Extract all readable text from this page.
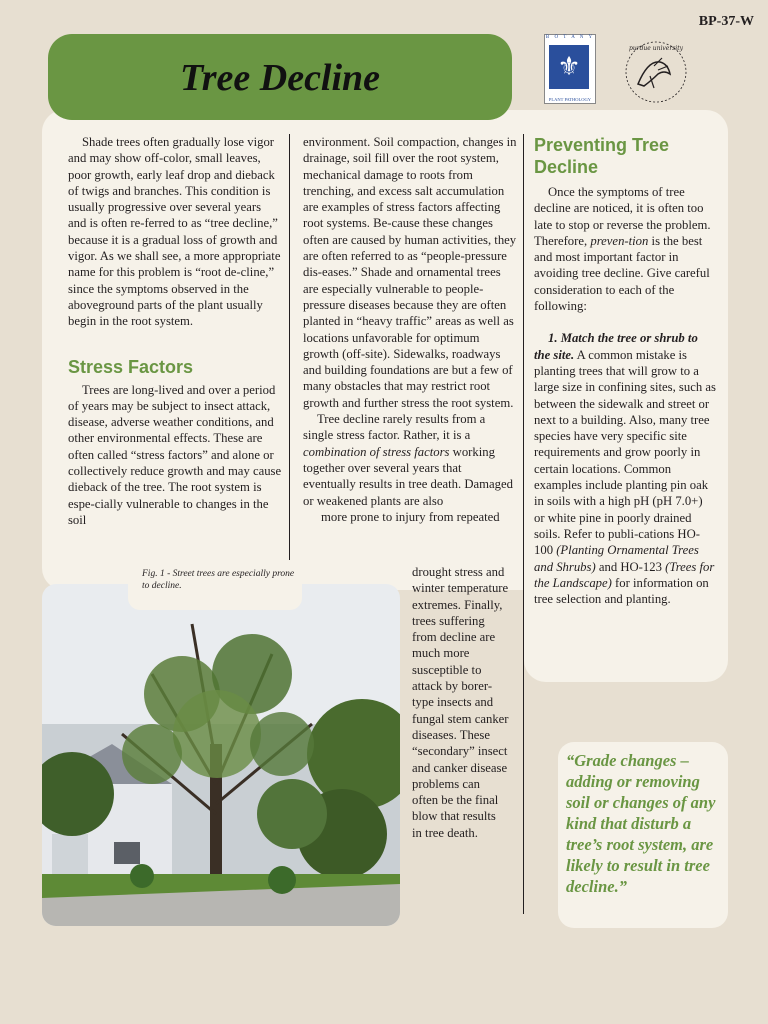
BP-37-W
Tree Decline
B O T A N Y
⚜
PLANT PATHOLOGY
purdue university

Shade trees often gradually lose vigor and may show off-color, small leaves, poor growth, early leaf drop and dieback of twigs and branches. This condition is usually progressive over several years and is often re-ferred to as “tree decline,” because it is a gradual loss of growth and vigor. As we shall see, a more appropriate name for this problem is “root de-cline,” since the symptoms observed in the aboveground parts of the plant usually begin in the root system.

Stress Factors

Trees are long-lived and over a period of years may be subject to insect attack, disease, adverse weather conditions, and other environmental effects. These are often called “stress factors” and alone or collectively reduce growth and may cause dieback of the tree. The root system is espe-cially vulnerable to changes in the soil

environment. Soil compaction, changes in drainage, soil fill over the root system, mechanical damage to roots from trenching, and excess salt accumulation are examples of stress factors affecting root systems. Be-cause these changes often are caused by human activities, they are often referred to as “people-pressure dis-eases.” Shade and ornamental trees are especially vulnerable to people-pressure diseases because they are often planted in “heavy traffic” areas as well as locations unfavorable for optimum growth (off-site). Sidewalks, roadways and building foundations are but a few of many obstacles that may restrict root growth and further stress the root system.

Tree decline rarely results from a single stress factor. Rather, it is a combination of stress factors working together over several years that eventually results in tree death. Damaged or weakened plants are also

more prone to injury from repeated

Fig. 1 - Street trees are especially prone to decline.
drought stress and
winter temperature
extremes. Finally,
trees suffering
from decline are
much more
susceptible to
attack by borer-
type insects and
fungal stem canker
diseases. These
“secondary” insect
and canker disease
problems can
often be the final
blow that results
in tree death.
Preventing Tree Decline

Once the symptoms of tree decline are noticed, it is often too late to stop or reverse the problem. Therefore, preven-tion is the best and most important factor in avoiding tree decline. Give careful consideration to each of the following:

1. Match the tree or shrub to the site. A common mistake is planting trees that will grow to a large size in confining sites, such as between the sidewalk and street or next to a building. Also, many tree species have very specific site requirements and grow poorly in certain locations. Common examples include planting pin oak in soils with a high pH (pH 7.0+) or white pine in poorly drained soils. Refer to publi-cations HO-100 (Planting Ornamental Trees and Shrubs) and HO-123 (Trees for the Landscape) for information on tree selection and planting.

“Grade changes – adding or removing soil or changes of any kind that disturb a tree’s root system, are likely to result in tree decline.”
